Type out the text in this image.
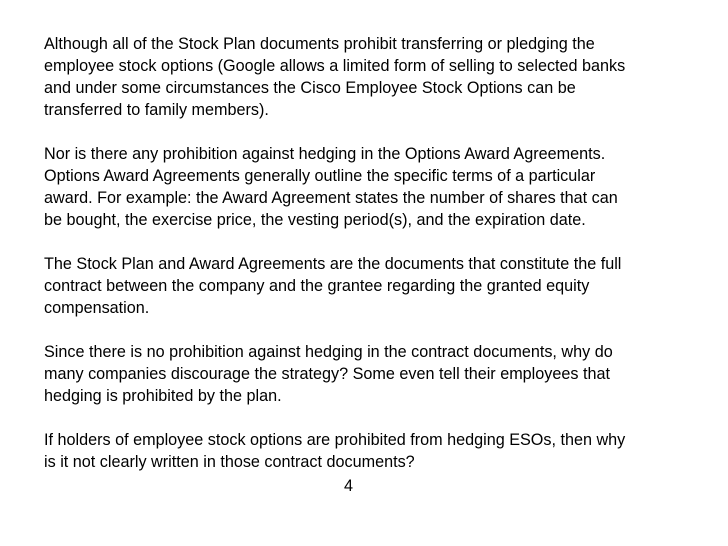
Although all of the Stock Plan documents prohibit transferring or pledging the
employee stock options (Google allows a limited form of selling to selected banks
and under some circumstances the Cisco Employee Stock Options can be
transferred to family members).

Nor is there any prohibition against hedging in the Options Award Agreements.
Options Award Agreements generally outline the specific terms of a particular
award. For example: the Award Agreement states the number of shares that can
be bought, the exercise price, the vesting period(s), and the expiration date.

The Stock Plan and Award Agreements are the documents that constitute the full
contract between the company and the grantee regarding the granted equity
compensation.

Since there is no prohibition against hedging in the contract documents, why do
many companies discourage the strategy? Some even tell their employees that
hedging is prohibited by the plan.

If holders of employee stock options are prohibited from hedging ESOs, then why
is it not clearly written in those contract documents?

4
